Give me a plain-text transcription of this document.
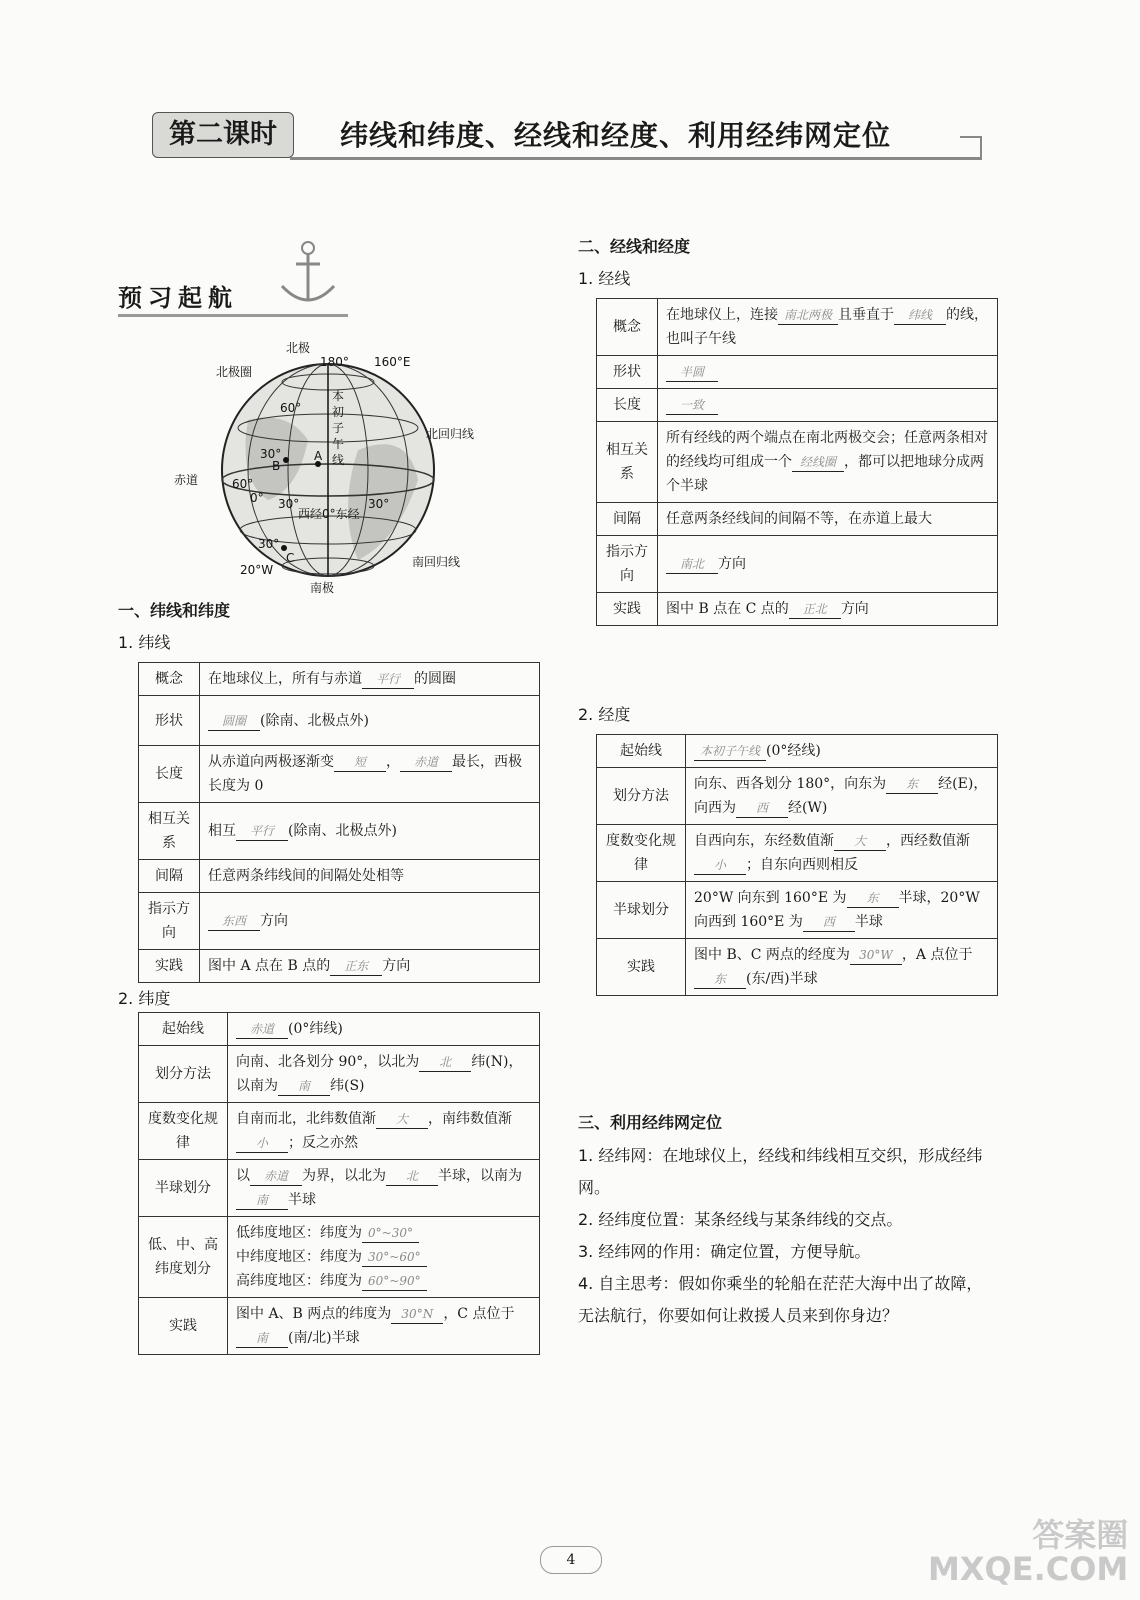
第二课时	纬线和纬度、经线和经度、利用经纬网定位
预习起航
北极
180° 160°E
北极圈
北回归线
赤道
南回归线
南极
20°W
60°
30°
60°
0° 30°	30°
30°
西经0°东经
A
B
C
本
初
子
午
线
一、纬线和纬度
1. 纬线
概念	在地球仪上，所有与赤道 平行 的圆圈
形状	圆圈 (除南、北极点外)
长度	从赤道向两极逐渐变 短 ， 赤道 最长，西极长度为 0
相互关系	相互 平行 (除南、北极点外)
间隔	任意两条纬线间的间隔处处相等
指示方向	东西 方向
实践	图中 A 点在 B 点的 正东 方向
2. 纬度
起始线	赤道 (0°纬线)
划分方法	向南、北各划分 90°，以北为 北 纬(N)，以南为 南 纬(S)
度数变化规律	自南而北，北纬数值渐 大 ，南纬数值渐小 ；反之亦然
半球划分	以 赤道 为界，以北为 北 半球，以南为南 半球
低、中、高纬度划分	低纬度地区：纬度为 0°~30°
中纬度地区：纬度为 30°~60°
高纬度地区：纬度为 60°~90°

实践	图中 A、B 两点的纬度为 30°N ，C 点位于南 (南/北)半球
二、经线和经度
1. 经线
概念	在地球仪上，连接 南北两极 且垂直于 纬线 的线，也叫子午线
形状	半圆
长度	一致
相互关系	所有经线的两个端点在南北两极交会；任意两条相对的经线均可组成一个 经线圈 ，都可以把地球分成两个半球
间隔	任意两条经线间的间隔不等，在赤道上最大
指示方向	南北 方向
实践	图中 B 点在 C 点的 正北 方向
2. 经度
起始线	本初子午线 (0°经线)
划分方法	向东、西各划分 180°，向东为 东 经(E)，向西为 西 经(W)
度数变化规律	自西向东，东经数值渐 大 ，西经数值渐小 ；自东向西则相反
半球划分	20°W 向东到 160°E 为 东 半球，20°W 向西到 160°E 为 西 半球
实践	图中 B、C 两点的经度为 30°W ，A 点位于东 (东/西)半球
三、利用经纬网定位
1. 经纬网：在地球仪上，经线和纬线相互交织，形成经纬网。
2. 经纬度位置：某条经线与某条纬线的交点。
3. 经纬网的作用：确定位置，方便导航。
4. 自主思考：假如你乘坐的轮船在茫茫大海中出了故障，无法航行，你要如何让救援人员来到你身边？
4
答案圈
MXQE.COM
